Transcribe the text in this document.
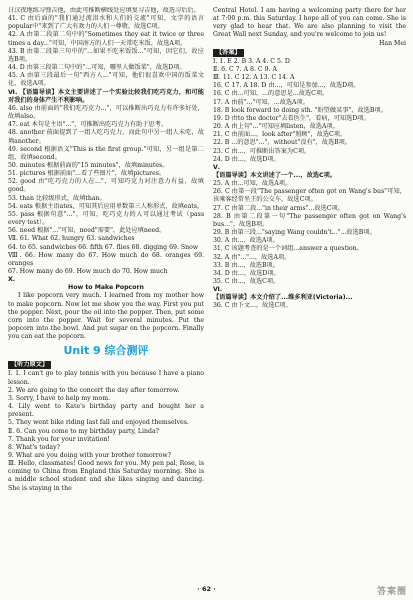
日汉夜地练习弹吉他，由此可推断横线处应填复习吉他，故选习后后。

41. C 由后面的"我们通过流泪水和人们的交流"可知，文学的语言popular中"来到了广大有欢力的人们一尊敬，故选C项。

42. A 由第二段第二句中的"Sometimes they eat it twice or three times a day..."可知，中国南方的人们一天常吃米饭，故选A项。

43. B 由第二段第三句中的"...如果不吃米饭饭..."可知，因它们，故应选B项。

44. D 由第三段第二句中的"...可知，哪里人做饭菜"，故选D项。

45. A 由第三段最后一句"西方人..."可知，他们很喜欢中国的饭菜文化，故选A项。

Ⅵ. 【语篇导读】本文主要讲述了一个实验比较我们吃巧克力，和可能对我们的身体产生不利影响。

46. also 由前面的"我们吃巧克力..."，可以推断出巧克力有许多好处，故填also。

47. eat 本句是主语"..."，可推断出吃巧克力有助于思考。

48. another 前面提到了一组人吃巧克力，而此句中另一组人未吃，故填another。

49. second 根据语义"This is the first group."可知，另一组是第二组，故填second。

50. minutes 根据前面的"15 minutes"，故填minutes。

51. pictures 根据前面"...看了些图片"，故填pictures。

52. good 由"吃巧克力的人在..."，可知巧克力对注意力有益，故填good。

53. than 比较级形式，故填than。

54. eats 根据主语ates，可知其后应用单数第三人称形式，故填eats。

55. pass 根据句意"..."，可知，吃巧克力的人可以通过考试（pass every test）。

56. need 根据"..."可知，need"需要"，此处应填need。

Ⅶ. 61. What 62. hungry 63. sandwiches

64. to 65. sandwiches 66. fifth 67. flies 68. digging 69. Snow

Ⅷ. 66. How many do 67. How much do 68. oranges 69. oranges

67. How many do 69. How much do 70. How much

Ⅹ.

How to Make Popcorn

I like popcorn very much. I learned from my mother how to make popcorn. Now let me show you the way. First you put the popper. Next, pour the oil into the popper. Then, put some corn into the popper. Wait for several minutes. Put the popcorn into the bowl. And put sugar on the popcorn. Finally you can eat the popcorn.

Unit 9 综合测评
【听力原文】

Ⅰ. 1. I can't go to play tennis with you because I have a piano lesson.

2. We are going to the concert the day after tomorrow.

3. Sorry, I have to help my mom.

4. Lily went to Kate's birthday party and bought her a present.

5. They went bike riding last fall and enjoyed themselves.

Ⅱ. 6. Can you come to my birthday party, Linda?

7. Thank you for your invitation!

8. What's today?

9. What are you doing with your brother tomorrow?

Ⅲ. Hello, classmates! Good news for you. My pen pal, Rose, is coming to China from England this Saturday morning. She is a middle school student and she likes singing and dancing. She is staying in the

Central Hotel. I am having a welcoming party there for her at 7:00 p.m. this Saturday. I hope all of you can come. She is very glad to hear that. We are also planning to visit the Great Wall next Sunday, and you're welcome to join us!

Han Mei

【答案】

Ⅰ. 1. E 2. B 3. A 4. C 5. D

Ⅱ. 6. C 7. A 8. C 9. A

Ⅲ. 11. C 12. A 13. C 14. A

16. C 17. A 18. D 由...，可知是参加...，故选D项。

16. C 由...可知，...的意思是...故选C项。

17. A 由前"..."可知，...故选A项。

18. B look forward to doing sth. "盼望做某事"，故选B项。

19. D 由to the doctor"去看医生"，看病，可知选D项。

20. A 由上句"..."可知应填listen，故选A项。

21. C 由前面...，look after"照顾"，故选C项。

22. B ...的意思"..."，without"没有"，故选B项。

23. C 由...，可推断出答案为C项。

24. D 由...，故选D项。

Ⅴ.

【语篇导读】本文讲述了一个...，故选C项。

25. A 由...可知，故选A项。

26. C 由第一段"The passenger often got on Wang's bus"可知，该乘客经常坐王的公交车，故选C项。

27. C 由第二段..."in their arms"...故选C项。

28. B 由第二段第一句"The passenger often got on Wang's bus..."，故选B项。

29. B 由第三段..."saying Wang couldn't..."...故选B项。

30. A 由...，故选A项。

31. C 该题考查的是一个词组...answer a question。

32. A 由"..."...，故选A项。

33. B 由...，故选B项。

34. D 由...，故选D项。

35. C 由...，故选C项。

Ⅵ.

【语篇导读】本文介绍了...维多利亚(Victoria)...

36. C 由下文...，故选C项。

· 62 ·	答案圈
